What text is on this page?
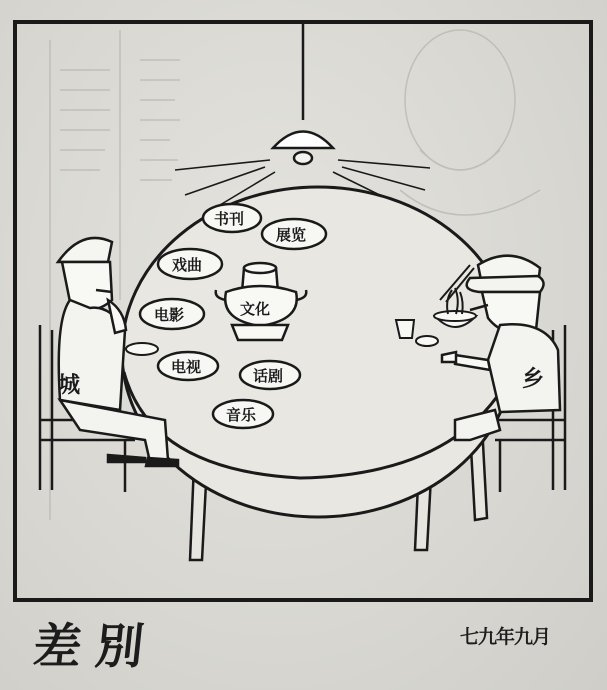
城	乡
文化
书刊
展览
戏曲
电影
电视	话剧
音乐
差別	七九年九月
